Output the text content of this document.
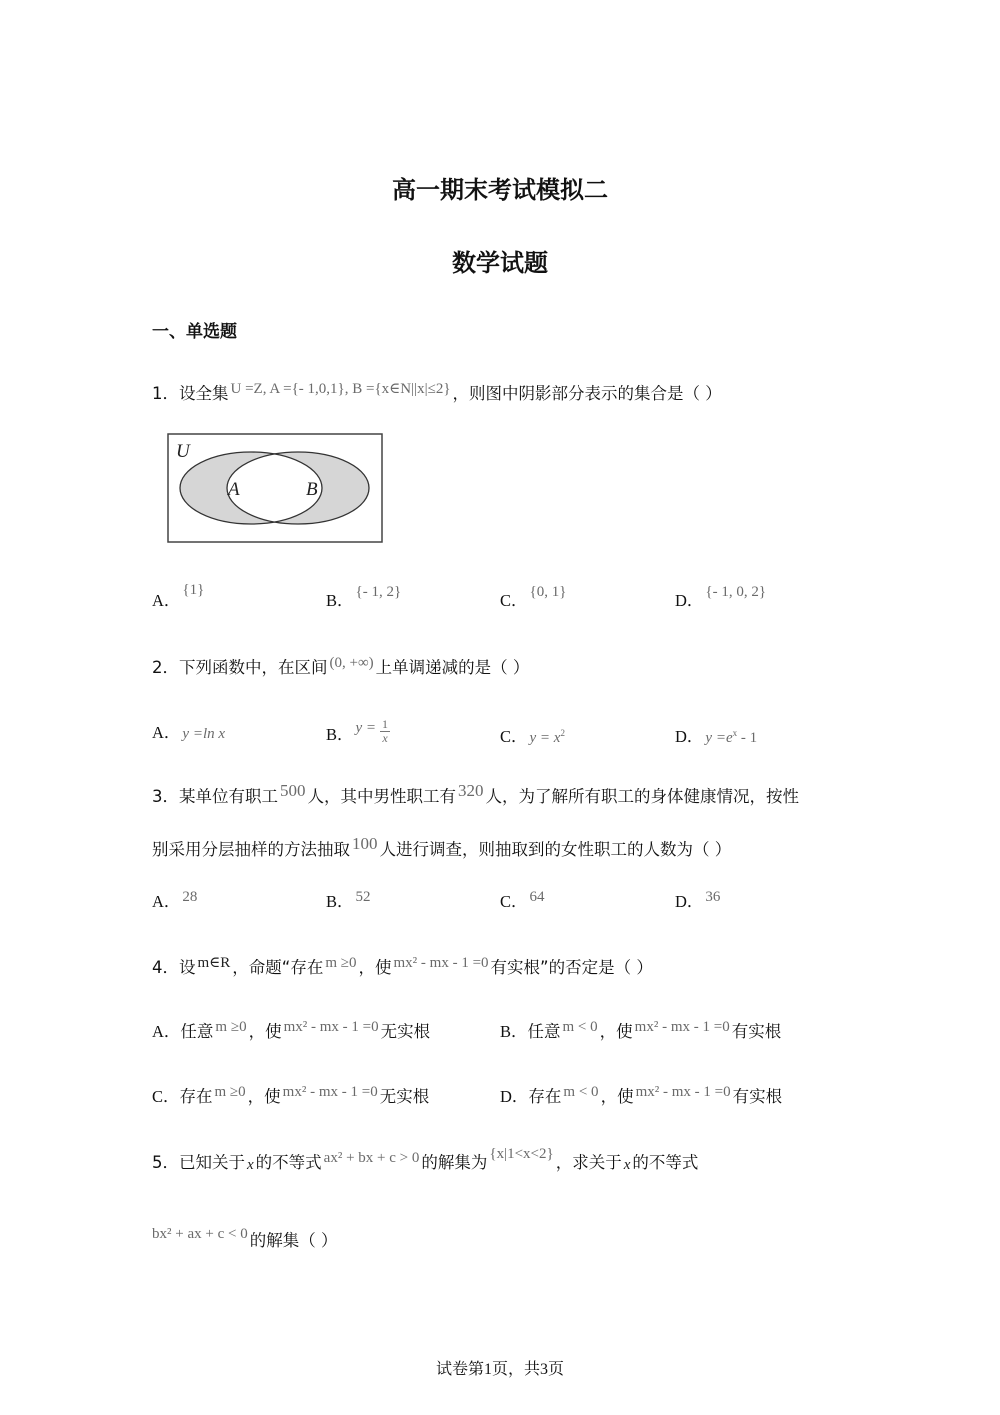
高一期末考试模拟二
数学试题
一、单选题
1．设全集 U =Z, A ={- 1,0,1}, B ={x∈N||x|≤2} ，则图中阴影部分表示的集合是（ ）
U
A	B
A．{1}
B． {- 1, 2}	C． {0, 1}	D． {- 1, 0, 2}
2．下列函数中，在区间 (0, +∞) 上单调递减的是（ ）
A． y =ln x	B． $y = \frac{1}{x}$	C． $y = x^2$	D． $y =e^x - 1$
3．某单位有职工 500 人，其中男性职工有 320 人，为了解所有职工的身体健康情况，按性
别采用分层抽样的方法抽取 100 人进行调查，则抽取到的女性职工的人数为（ ）
A． 28	B． 52	C． 64	D． 36
4．设 m∈R ，命题“存在 m ≥0 ，使 mx² - mx - 1 =0 有实根”的否定是（ ）
A．任意 m ≥0 ，使 mx² - mx - 1 =0 无实根	B．任意 m < 0 ，使 mx² - mx - 1 =0 有实根
C．存在 m ≥0 ，使 mx² - mx - 1 =0 无实根	D．存在 m < 0 ，使 mx² - mx - 1 =0 有实根
5．已知关于 x 的不等式 ax² + bx + c > 0 的解集为 {x|1<x<2} ，求关于 x 的不等式
bx² + ax + c < 0 的解集（ ）
试卷第1页，共3页
